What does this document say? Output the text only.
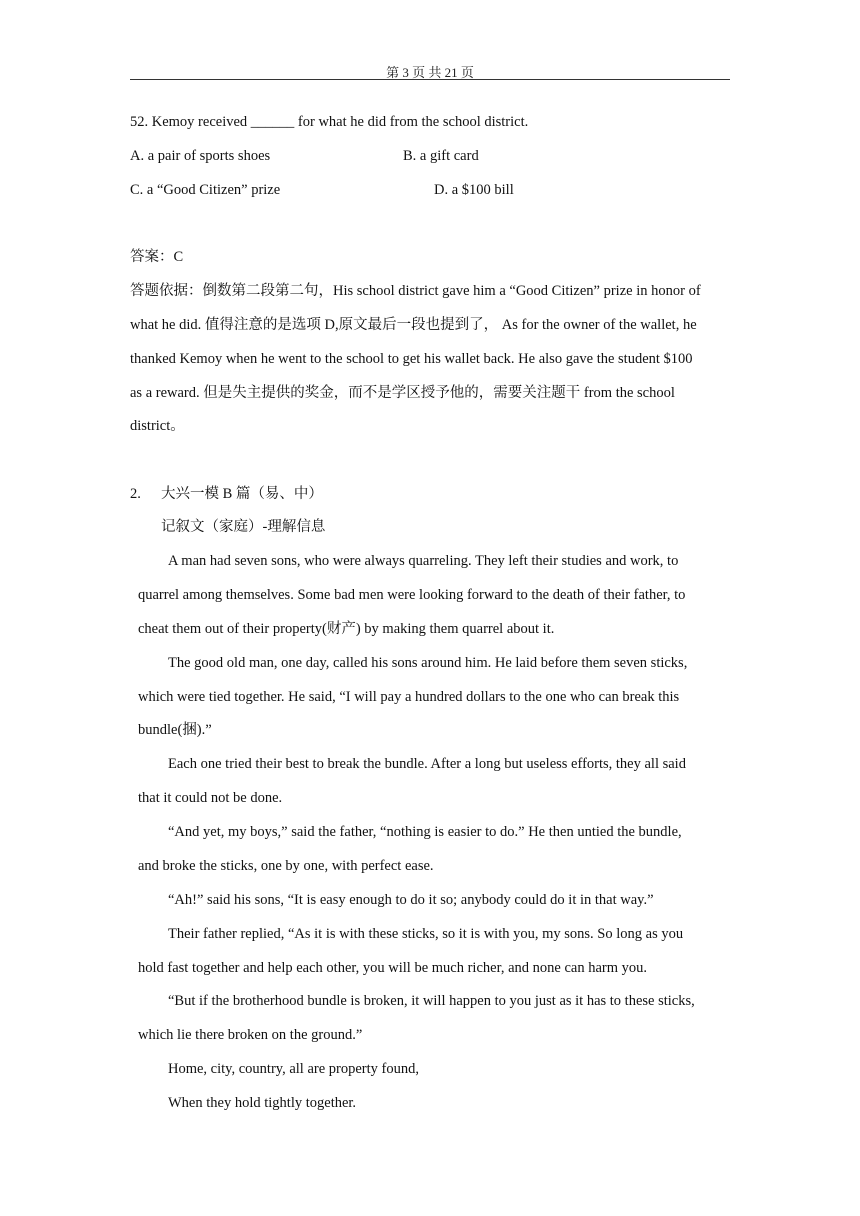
第 3 页 共 21 页
52. Kemoy received ______ for what he did from the school district.
A. a pair of sports shoes	B. a gift card
C. a “Good Citizen” prize	D. a $100 bill
答案：C
答题依据：倒数第二段第二句，His school district gave him a “Good Citizen” prize in honor of
what he did. 值得注意的是选项 D,原文最后一段也提到了， As for the owner of the wallet, he
thanked Kemoy when he went to the school to get his wallet back. He also gave the student $100
as a reward. 但是失主提供的奖金，而不是学区授予他的，需要关注题干 from the school
district。
2. 大兴一模 B 篇（易、中）
记叙文（家庭）-理解信息
A man had seven sons, who were always quarreling. They left their studies and work, to
quarrel among themselves. Some bad men were looking forward to the death of their father, to
cheat them out of their property(财产) by making them quarrel about it.
The good old man, one day, called his sons around him. He laid before them seven sticks,
which were tied together. He said, “I will pay a hundred dollars to the one who can break this
bundle(捆).”
Each one tried their best to break the bundle. After a long but useless efforts, they all said
that it could not be done.
“And yet, my boys,” said the father, “nothing is easier to do.” He then untied the bundle,
and broke the sticks, one by one, with perfect ease.
“Ah!” said his sons, “It is easy enough to do it so; anybody could do it in that way.”
Their father replied, “As it is with these sticks, so it is with you, my sons. So long as you
hold fast together and help each other, you will be much richer, and none can harm you.
“But if the brotherhood bundle is broken, it will happen to you just as it has to these sticks,
which lie there broken on the ground.”
Home, city, country, all are property found,
When they hold tightly together.
